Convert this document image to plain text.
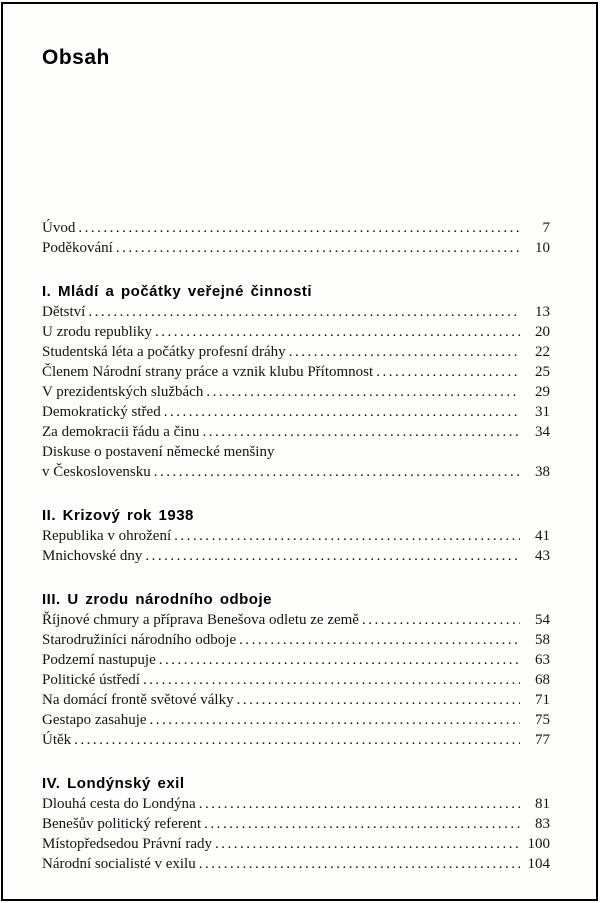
Obsah
Úvod .....	7
Poděkování .....	10
I. Mládí a počátky veřejné činnosti
Dětství .....	13
U zrodu republiky .....	20
Studentská léta a počátky profesní dráhy .....	22
Členem Národní strany práce a vznik klubu Přítomnost .....	25
V prezidentských službách .....	29
Demokratický střed .....	31
Za demokracii řádu a činu .....	34
Diskuse o postavení německé menšiny
v Československu .....	38
II. Krizový rok 1938
Republika v ohrožení .....	41
Mnichovské dny .....	43
III. U zrodu národního odboje
Říjnové chmury a příprava Benešova odletu ze země .....	54
Starodružiníci národního odboje .....	58
Podzemí nastupuje .....	63
Politické ústředí .....	68
Na domácí frontě světové války .....	71
Gestapo zasahuje .....	75
Útěk .....	77
IV. Londýnský exil
Dlouhá cesta do Londýna .....	81
Benešův politický referent .....	83
Místopředsedou Právní rady .....	100
Národní socialisté v exilu .....	104
